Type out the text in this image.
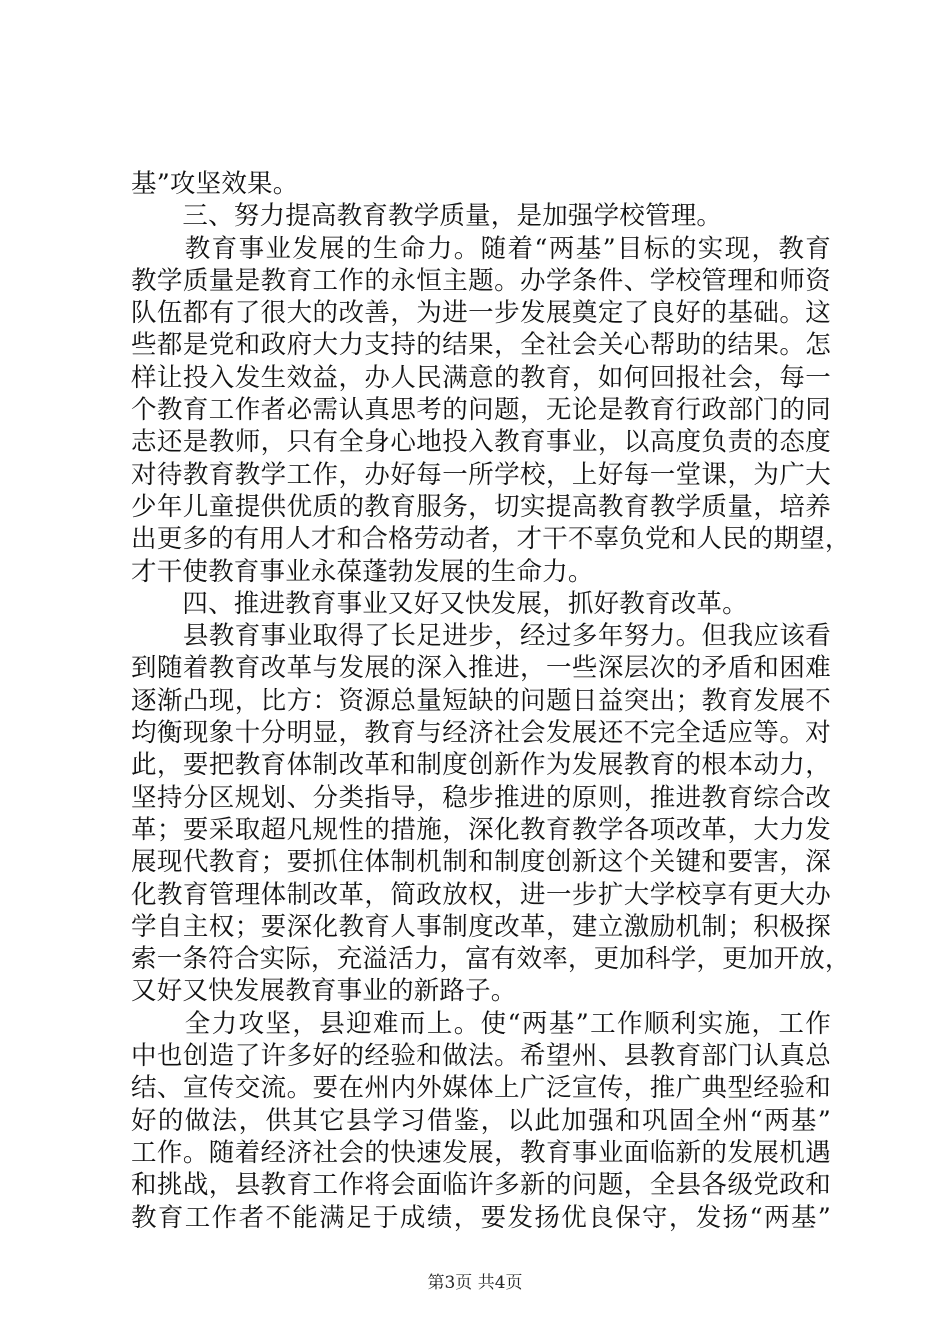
基”攻坚效果。
　　三、努力提高教育教学质量，是加强学校管理。
　　教育事业发展的生命力。随着“两基”目标的实现，教育
教学质量是教育工作的永恒主题。办学条件、学校管理和师资
队伍都有了很大的改善，为进一步发展奠定了良好的基础。这
些都是党和政府大力支持的结果，全社会关心帮助的结果。怎
样让投入发生效益，办人民满意的教育，如何回报社会，每一
个教育工作者必需认真思考的问题，无论是教育行政部门的同
志还是教师，只有全身心地投入教育事业，以高度负责的态度
对待教育教学工作，办好每一所学校，上好每一堂课，为广大
少年儿童提供优质的教育服务，切实提高教育教学质量，培养
出更多的有用人才和合格劳动者，才干不辜负党和人民的期望，
才干使教育事业永葆蓬勃发展的生命力。
　　四、推进教育事业又好又快发展，抓好教育改革。
　　县教育事业取得了长足进步，经过多年努力。但我应该看
到随着教育改革与发展的深入推进，一些深层次的矛盾和困难
逐渐凸现，比方：资源总量短缺的问题日益突出；教育发展不
均衡现象十分明显，教育与经济社会发展还不完全适应等。对
此，要把教育体制改革和制度创新作为发展教育的根本动力，
坚持分区规划、分类指导，稳步推进的原则，推进教育综合改
革；要采取超凡规性的措施，深化教育教学各项改革，大力发
展现代教育；要抓住体制机制和制度创新这个关键和要害，深
化教育管理体制改革，简政放权，进一步扩大学校享有更大办
学自主权；要深化教育人事制度改革，建立激励机制；积极探
索一条符合实际，充溢活力，富有效率，更加科学，更加开放，
又好又快发展教育事业的新路子。
　　全力攻坚，县迎难而上。使“两基”工作顺利实施，工作
中也创造了许多好的经验和做法。希望州、县教育部门认真总
结、宣传交流。要在州内外媒体上广泛宣传，推广典型经验和
好的做法，供其它县学习借鉴，以此加强和巩固全州“两基”
工作。随着经济社会的快速发展，教育事业面临新的发展机遇
和挑战，县教育工作将会面临许多新的问题，全县各级党政和
教育工作者不能满足于成绩，要发扬优良保守，发扬“两基”
第3页 共4页
